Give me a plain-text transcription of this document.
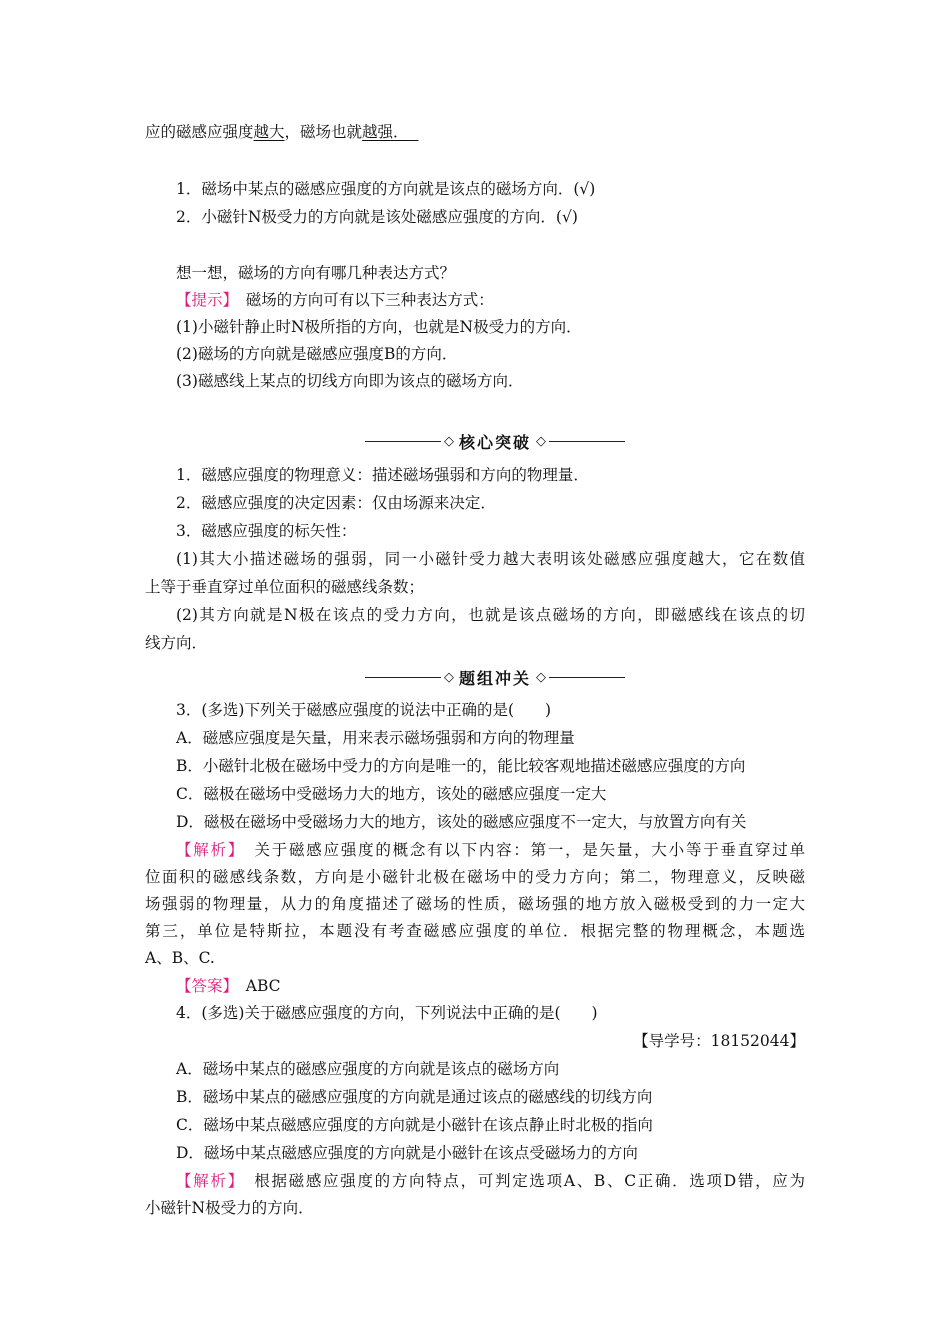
应的磁感应强度越大，磁场也就越强．
1．磁场中某点的磁感应强度的方向就是该点的磁场方向．(√)
2．小磁针N极受力的方向就是该处磁感应强度的方向．(√)
想一想，磁场的方向有哪几种表达方式？
【提示】　磁场的方向可有以下三种表达方式：
(1)小磁针静止时N极所指的方向，也就是N极受力的方向．
(2)磁场的方向就是磁感应强度B的方向．
(3)磁感线上某点的切线方向即为该点的磁场方向．
◇ 核心突破 ◇
1．磁感应强度的物理意义：描述磁场强弱和方向的物理量．
2．磁感应强度的决定因素：仅由场源来决定．
3．磁感应强度的标矢性：
(1)其大小描述磁场的强弱，同一小磁针受力越大表明该处磁感应强度越大，它在数值
上等于垂直穿过单位面积的磁感线条数；
(2)其方向就是N极在该点的受力方向，也就是该点磁场的方向，即磁感线在该点的切
线方向．
◇ 题组冲关 ◇
3．(多选)下列关于磁感应强度的说法中正确的是(　　)
A．磁感应强度是矢量，用来表示磁场强弱和方向的物理量
B．小磁针北极在磁场中受力的方向是唯一的，能比较客观地描述磁感应强度的方向
C．磁极在磁场中受磁场力大的地方，该处的磁感应强度一定大
D．磁极在磁场中受磁场力大的地方，该处的磁感应强度不一定大，与放置方向有关
【解析】　关于磁感应强度的概念有以下内容：第一，是矢量，大小等于垂直穿过单
位面积的磁感线条数，方向是小磁针北极在磁场中的受力方向；第二，物理意义，反映磁
场强弱的物理量，从力的角度描述了磁场的性质，磁场强的地方放入磁极受到的力一定大
第三，单位是特斯拉，本题没有考查磁感应强度的单位．根据完整的物理概念，本题选
A、B、C.
【答案】　ABC
4．(多选)关于磁感应强度的方向，下列说法中正确的是(　　)
【导学号：18152044】
A．磁场中某点的磁感应强度的方向就是该点的磁场方向
B．磁场中某点的磁感应强度的方向就是通过该点的磁感线的切线方向
C．磁场中某点磁感应强度的方向就是小磁针在该点静止时北极的指向
D．磁场中某点磁感应强度的方向就是小磁针在该点受磁场力的方向
【解析】　根据磁感应强度的方向特点，可判定选项A、B、C正确．选项D错，应为
小磁针N极受力的方向．
